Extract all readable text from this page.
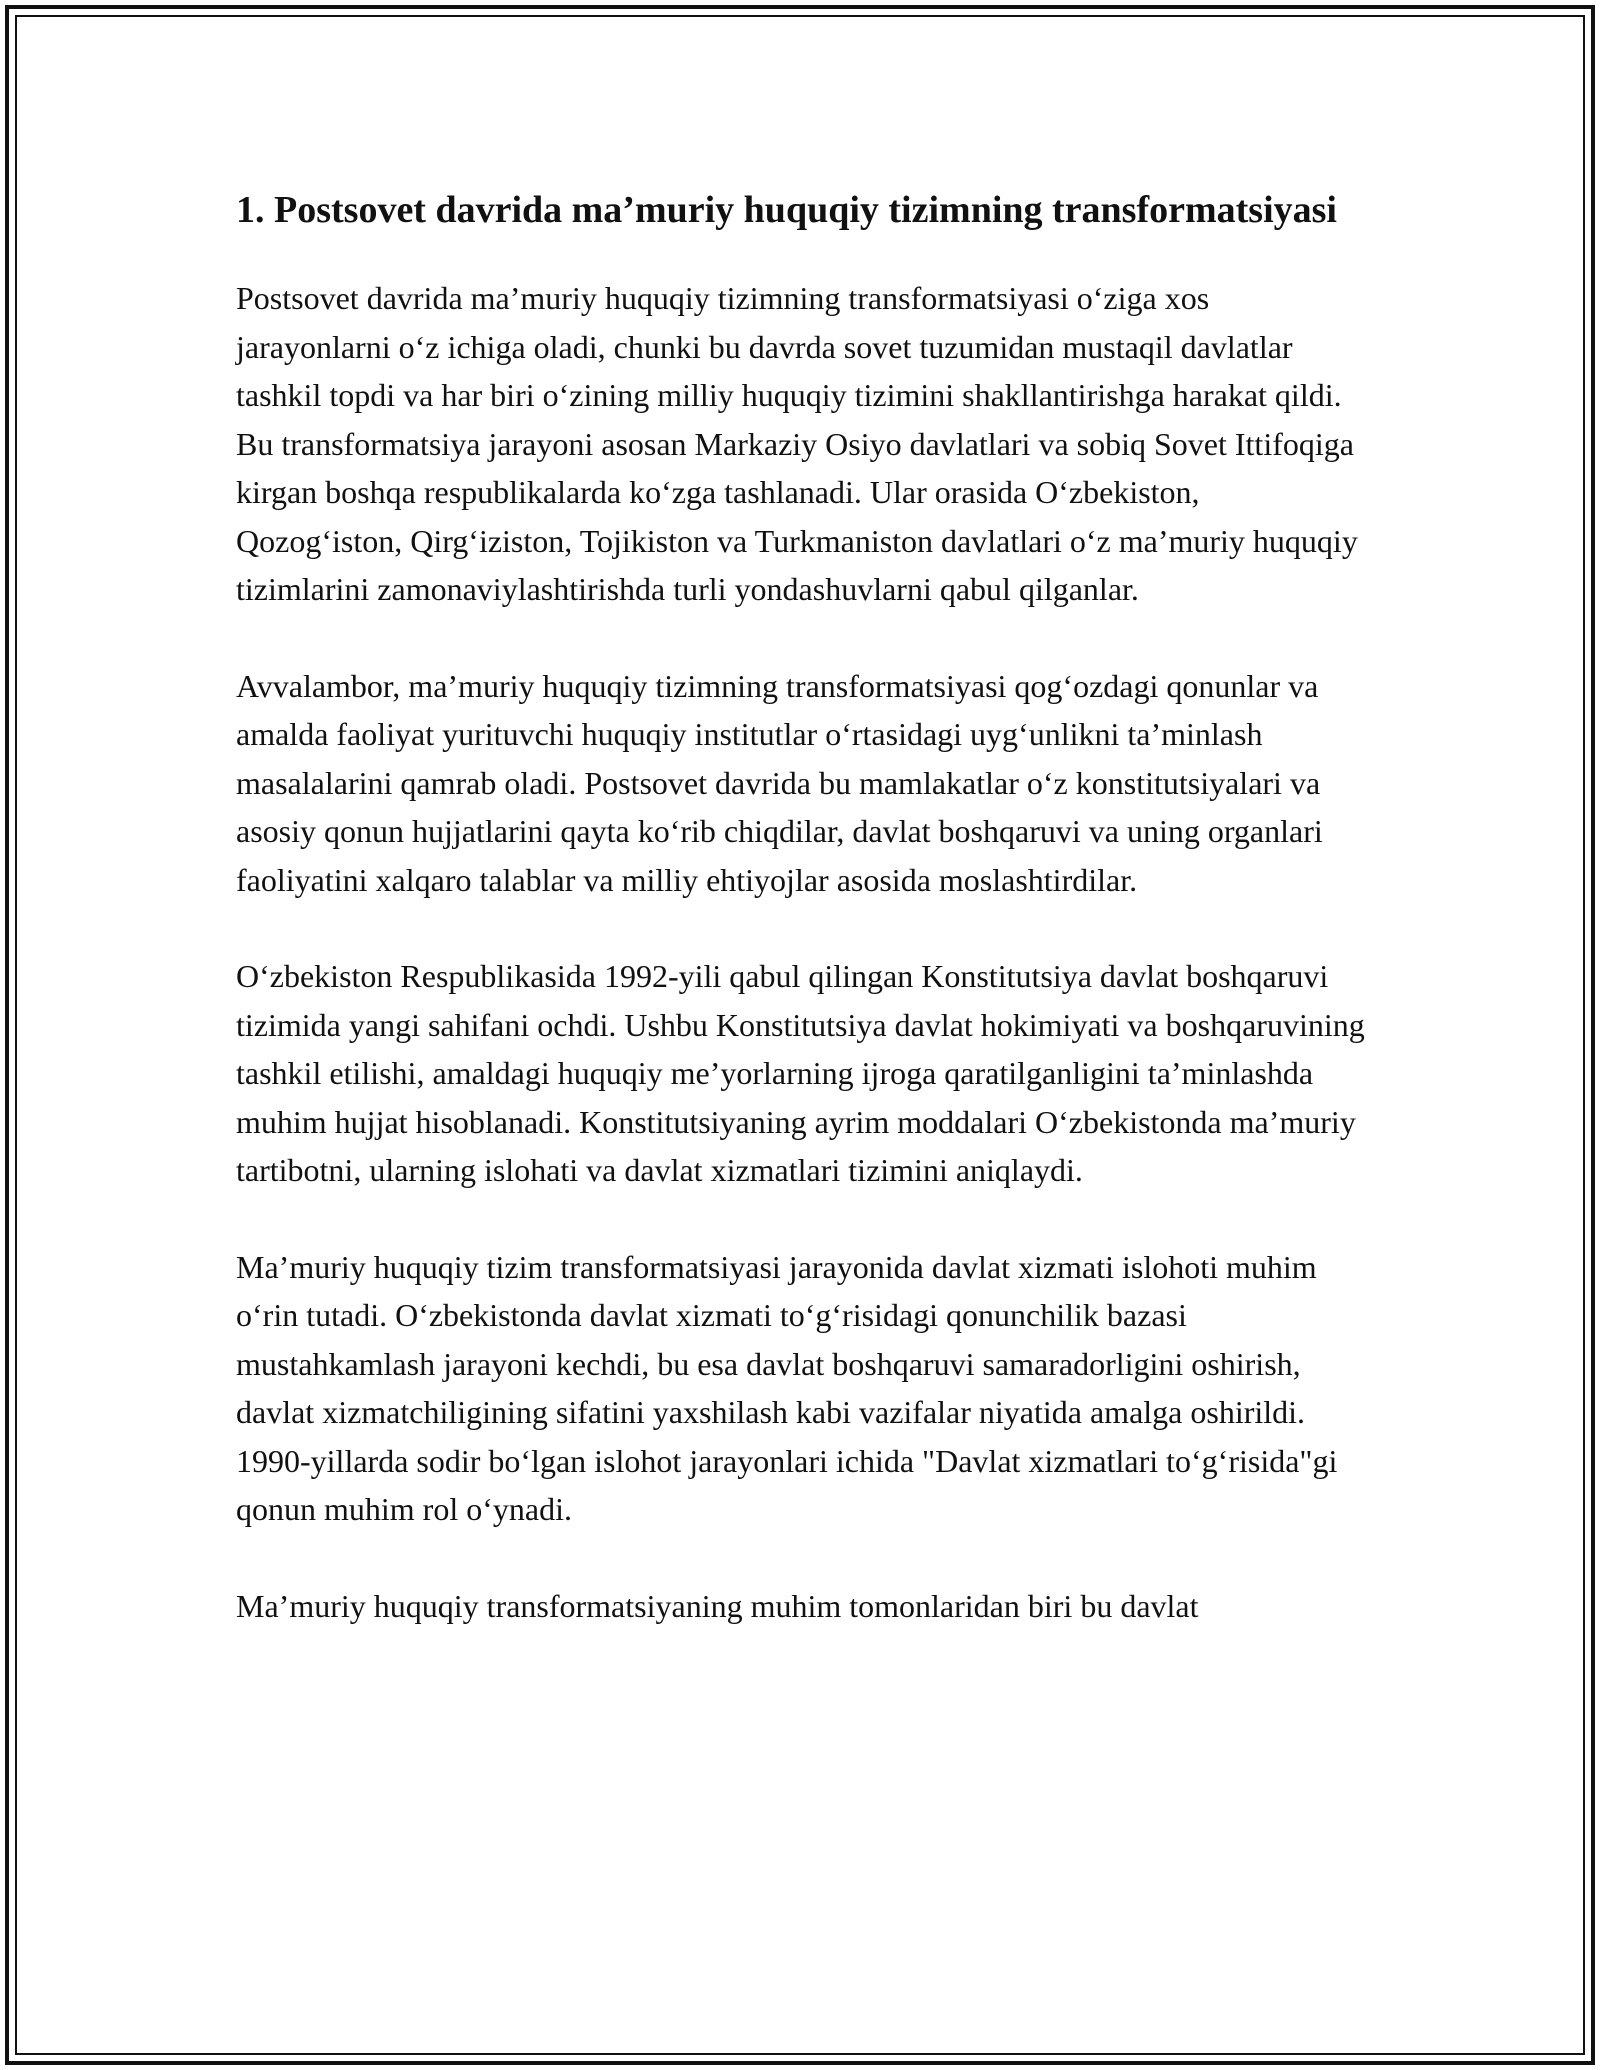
1. Postsovet davrida ma’muriy huquqiy tizimning transformatsiyasi

Postsovet davrida ma’muriy huquqiy tizimning transformatsiyasi o‘ziga xos jarayonlarni o‘z ichiga oladi, chunki bu davrda sovet tuzumidan mustaqil davlatlar tashkil topdi va har biri o‘zining milliy huquqiy tizimini shakllantirishga harakat qildi. Bu transformatsiya jarayoni asosan Markaziy Osiyo davlatlari va sobiq Sovet Ittifoqiga kirgan boshqa respublikalarda ko‘zga tashlanadi. Ular orasida O‘zbekiston, Qozog‘iston, Qirg‘iziston, Tojikiston va Turkmaniston davlatlari o‘z ma’muriy huquqiy tizimlarini zamonaviylashtirishda turli yondashuvlarni qabul qilganlar.

Avvalambor, ma’muriy huquqiy tizimning transformatsiyasi qog‘ozdagi qonunlar va amalda faoliyat yurituvchi huquqiy institutlar o‘rtasidagi uyg‘unlikni ta’minlash masalalarini qamrab oladi. Postsovet davrida bu mamlakatlar o‘z konstitutsiyalari va asosiy qonun hujjatlarini qayta ko‘rib chiqdilar, davlat boshqaruvi va uning organlari faoliyatini xalqaro talablar va milliy ehtiyojlar asosida moslashtirdilar.

O‘zbekiston Respublikasida 1992-yili qabul qilingan Konstitutsiya davlat boshqaruvi tizimida yangi sahifani ochdi. Ushbu Konstitutsiya davlat hokimiyati va boshqaruvining tashkil etilishi, amaldagi huquqiy me’yorlarning ijroga qaratilganligini ta’minlashda muhim hujjat hisoblanadi. Konstitutsiyaning ayrim moddalari O‘zbekistonda ma’muriy tartibotni, ularning islohati va davlat xizmatlari tizimini aniqlaydi.

Ma’muriy huquqiy tizim transformatsiyasi jarayonida davlat xizmati islohoti muhim o‘rin tutadi. O‘zbekistonda davlat xizmati to‘g‘risidagi qonunchilik bazasi mustahkamlash jarayoni kechdi, bu esa davlat boshqaruvi samaradorligini oshirish, davlat xizmatchiligining sifatini yaxshilash kabi vazifalar niyatida amalga oshirildi. 1990-yillarda sodir bo‘lgan islohot jarayonlari ichida "Davlat xizmatlari to‘g‘risida"gi qonun muhim rol o‘ynadi.

Ma’muriy huquqiy transformatsiyaning muhim tomonlaridan biri bu davlat
